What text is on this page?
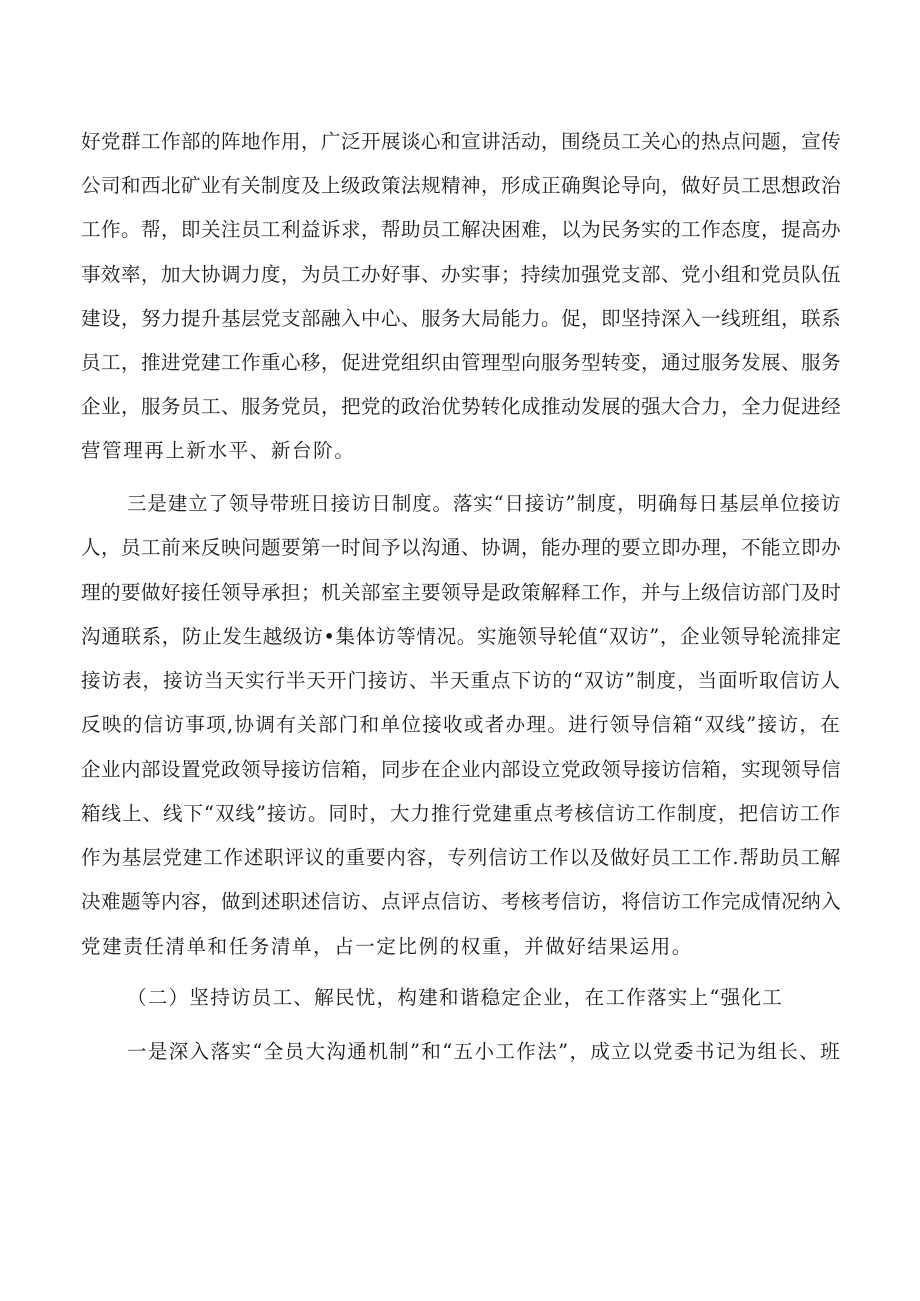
好党群工作部的阵地作用，广泛开展谈心和宣讲活动，围绕员工关心的热点问题，宣传
公司和西北矿业有关制度及上级政策法规精神，形成正确舆论导向，做好员工思想政治
工作。帮，即关注员工利益诉求，帮助员工解决困难，以为民务实的工作态度，提高办
事效率，加大协调力度，为员工办好事、办实事；持续加强党支部、党小组和党员队伍
建设，努力提升基层党支部融入中心、服务大局能力。促，即坚持深入一线班组，联系
员工，推进党建工作重心移，促进党组织由管理型向服务型转变，通过服务发展、服务
企业，服务员工、服务党员，把党的政治优势转化成推动发展的强大合力，全力促进经
营管理再上新水平、新台阶。
三是建立了领导带班日接访日制度。落实“日接访”制度，明确每日基层单位接访
人，员工前来反映问题要第一时间予以沟通、协调，能办理的要立即办理，不能立即办
理的要做好接任领导承担；机关部室主要领导是政策解释工作，并与上级信访部门及时
沟通联系，防止发生越级访•集体访等情况。实施领导轮值“双访”，企业领导轮流排定
接访表，接访当天实行半天开门接访、半天重点下访的“双访”制度，当面听取信访人
反映的信访事项,协调有关部门和单位接收或者办理。进行领导信箱“双线”接访，在
企业内部设置党政领导接访信箱，同步在企业内部设立党政领导接访信箱，实现领导信
箱线上、线下“双线”接访。同时，大力推行党建重点考核信访工作制度，把信访工作
作为基层党建工作述职评议的重要内容，专列信访工作以及做好员工工作.帮助员工解
决难题等内容，做到述职述信访、点评点信访、考核考信访，将信访工作完成情况纳入
党建责任清单和任务清单，占一定比例的权重，并做好结果运用。
（二）坚持访员工、解民忧，构建和谐稳定企业，在工作落实上“强化工
一是深入落实“全员大沟通机制”和“五小工作法”，成立以党委书记为组长、班
